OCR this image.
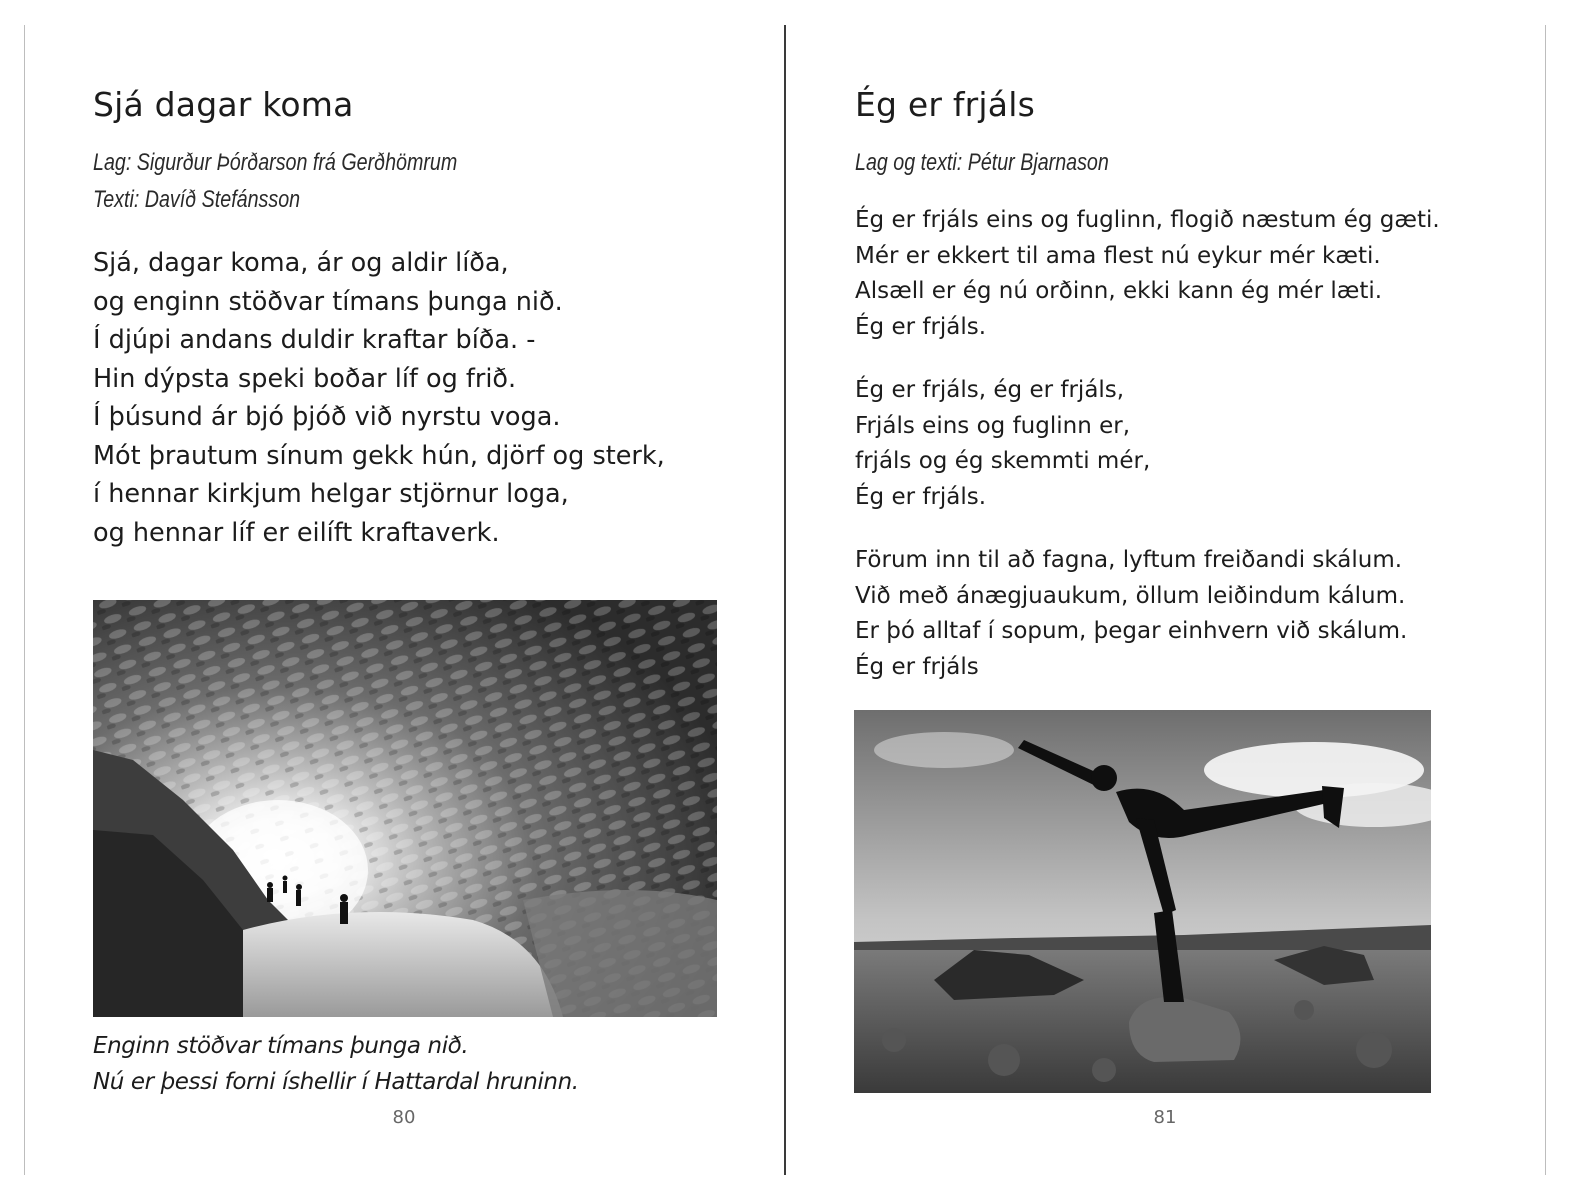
Sjá dagar koma
Lag: Sigurður Þórðarson frá Gerðhömrum
Texti: Davíð Stefánsson
Sjá, dagar koma, ár og aldir líða,
og enginn stöðvar tímans þunga nið.
Í djúpi andans duldir kraftar bíða. -
Hin dýpsta speki boðar líf og frið.
Í þúsund ár bjó þjóð við nyrstu voga.
Mót þrautum sínum gekk hún, djörf og sterk,
í hennar kirkjum helgar stjörnur loga,
og hennar líf er eilíft kraftaverk.
Enginn stöðvar tímans þunga nið.
Nú er þessi forni íshellir í Hattardal hruninn.
80
Ég er frjáls
Lag og texti: Pétur Bjarnason
Ég er frjáls eins og fuglinn, flogið næstum ég gæti.
Mér er ekkert til ama flest nú eykur mér kæti.
Alsæll er ég nú orðinn, ekki kann ég mér læti.
Ég er frjáls.
Ég er frjáls, ég er frjáls,
Frjáls eins og fuglinn er,
frjáls og ég skemmti mér,
Ég er frjáls.
Förum inn til að fagna, lyftum freiðandi skálum.
Við með ánægjuaukum, öllum leiðindum kálum.
Er þó alltaf í sopum, þegar einhvern við skálum.
Ég er frjáls
81
